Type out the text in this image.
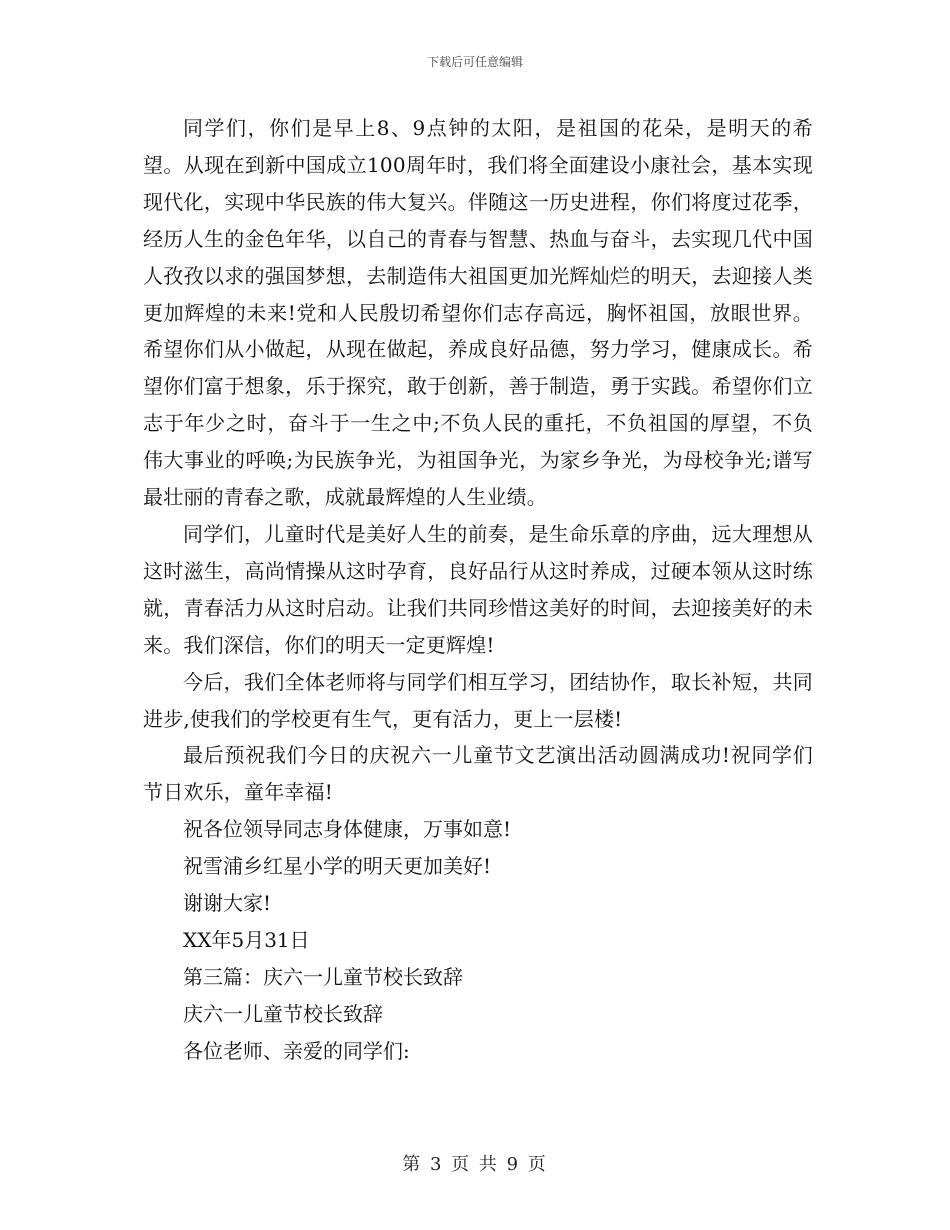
下载后可任意编辑

同学们，你们是早上8、9点钟的太阳，是祖国的花朵，是明天的希望。从现在到新中国成立100周年时，我们将全面建设小康社会，基本实现现代化，实现中华民族的伟大复兴。伴随这一历史进程，你们将度过花季，经历人生的金色年华，以自己的青春与智慧、热血与奋斗，去实现几代中国人孜孜以求的强国梦想，去制造伟大祖国更加光辉灿烂的明天，去迎接人类更加辉煌的未来!党和人民殷切希望你们志存高远，胸怀祖国，放眼世界。希望你们从小做起，从现在做起，养成良好品德，努力学习，健康成长。希望你们富于想象，乐于探究，敢于创新，善于制造，勇于实践。希望你们立志于年少之时，奋斗于一生之中;不负人民的重托，不负祖国的厚望，不负伟大事业的呼唤;为民族争光，为祖国争光，为家乡争光，为母校争光;谱写最壮丽的青春之歌，成就最辉煌的人生业绩。

同学们，儿童时代是美好人生的前奏，是生命乐章的序曲，远大理想从这时滋生，高尚情操从这时孕育，良好品行从这时养成，过硬本领从这时练就，青春活力从这时启动。让我们共同珍惜这美好的时间，去迎接美好的未来。我们深信，你们的明天一定更辉煌!

今后，我们全体老师将与同学们相互学习，团结协作，取长补短，共同进步,使我们的学校更有生气，更有活力，更上一层楼!

最后预祝我们今日的庆祝六一儿童节文艺演出活动圆满成功!祝同学们节日欢乐，童年幸福!

祝各位领导同志身体健康，万事如意!

祝雪浦乡红星小学的明天更加美好!

谢谢大家!

XX年5月31日

第三篇：庆六一儿童节校长致辞

庆六一儿童节校长致辞

各位老师、亲爱的同学们:

第 3 页 共 9 页
